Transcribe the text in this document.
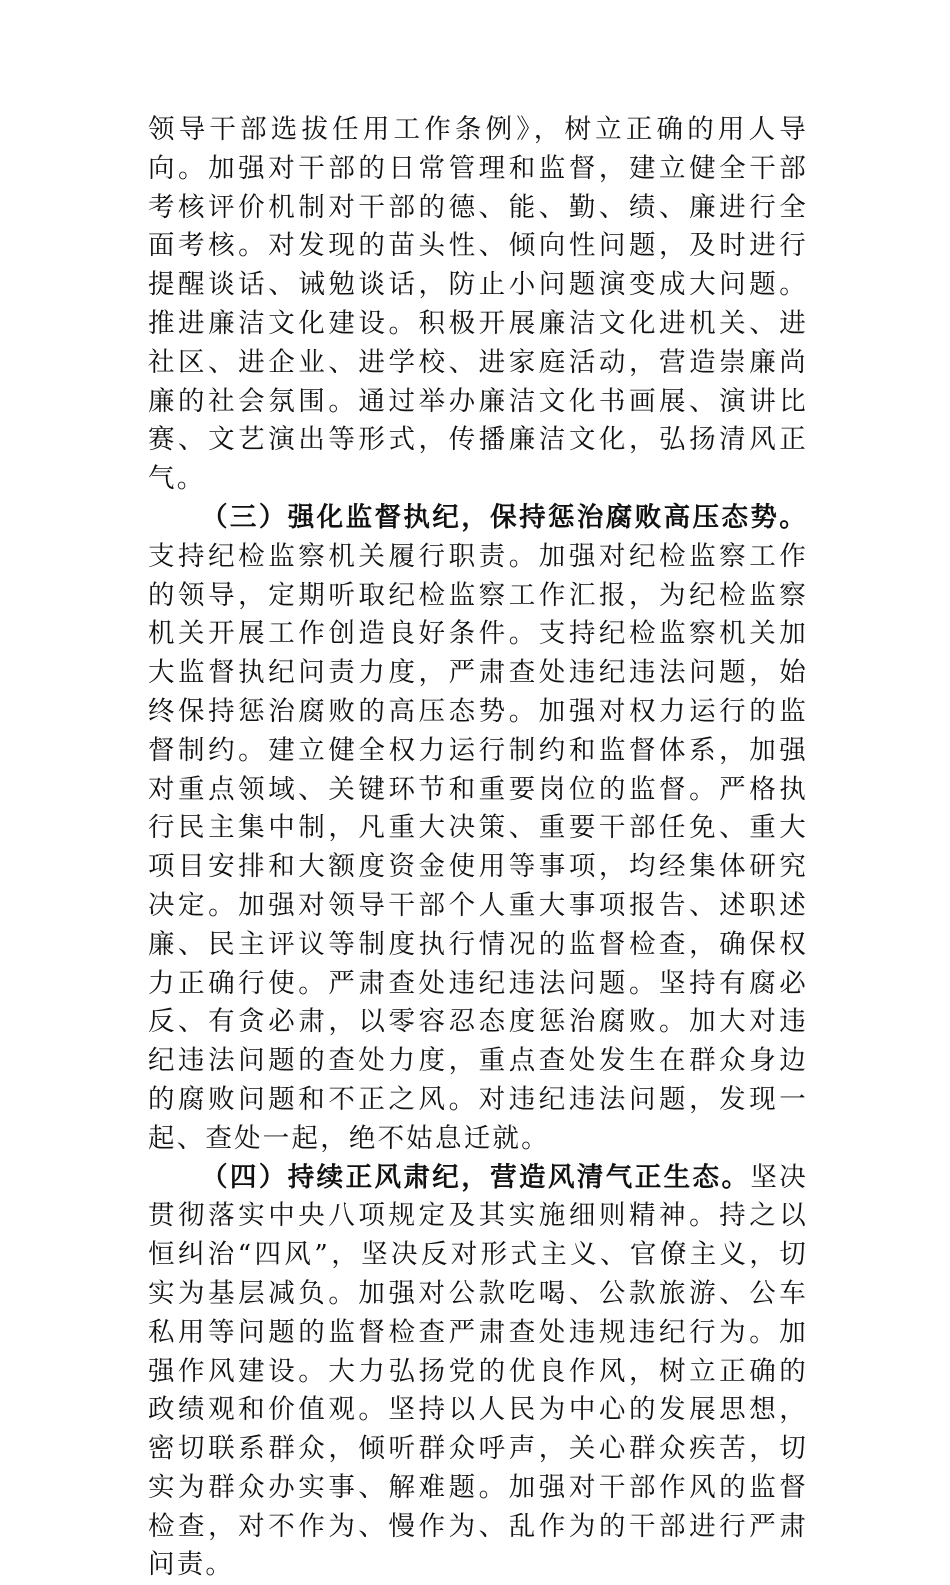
领导干部选拔任用工作条例》，树立正确的用人导向。加强对干部的日常管理和监督，建立健全干部考核评价机制对干部的德、能、勤、绩、廉进行全面考核。对发现的苗头性、倾向性问题，及时进行提醒谈话、诫勉谈话，防止小问题演变成大问题。推进廉洁文化建设。积极开展廉洁文化进机关、进社区、进企业、进学校、进家庭活动，营造崇廉尚廉的社会氛围。通过举办廉洁文化书画展、演讲比赛、文艺演出等形式，传播廉洁文化，弘扬清风正气。

（三）强化监督执纪，保持惩治腐败高压态势。支持纪检监察机关履行职责。加强对纪检监察工作的领导，定期听取纪检监察工作汇报，为纪检监察机关开展工作创造良好条件。支持纪检监察机关加大监督执纪问责力度，严肃查处违纪违法问题，始终保持惩治腐败的高压态势。加强对权力运行的监督制约。建立健全权力运行制约和监督体系，加强对重点领域、关键环节和重要岗位的监督。严格执行民主集中制，凡重大决策、重要干部任免、重大项目安排和大额度资金使用等事项，均经集体研究决定。加强对领导干部个人重大事项报告、述职述廉、民主评议等制度执行情况的监督检查，确保权力正确行使。严肃查处违纪违法问题。坚持有腐必反、有贪必肃，以零容忍态度惩治腐败。加大对违纪违法问题的查处力度，重点查处发生在群众身边的腐败问题和不正之风。对违纪违法问题，发现一起、查处一起，绝不姑息迁就。

（四）持续正风肃纪，营造风清气正生态。坚决贯彻落实中央八项规定及其实施细则精神。持之以恒纠治“四风”，坚决反对形式主义、官僚主义，切实为基层减负。加强对公款吃喝、公款旅游、公车私用等问题的监督检查严肃查处违规违纪行为。加强作风建设。大力弘扬党的优良作风，树立正确的政绩观和价值观。坚持以人民为中心的发展思想，密切联系群众，倾听群众呼声，关心群众疾苦，切实为群众办实事、解难题。加强对干部作风的监督检查，对不作为、慢作为、乱作为的干部进行严肃问责。
